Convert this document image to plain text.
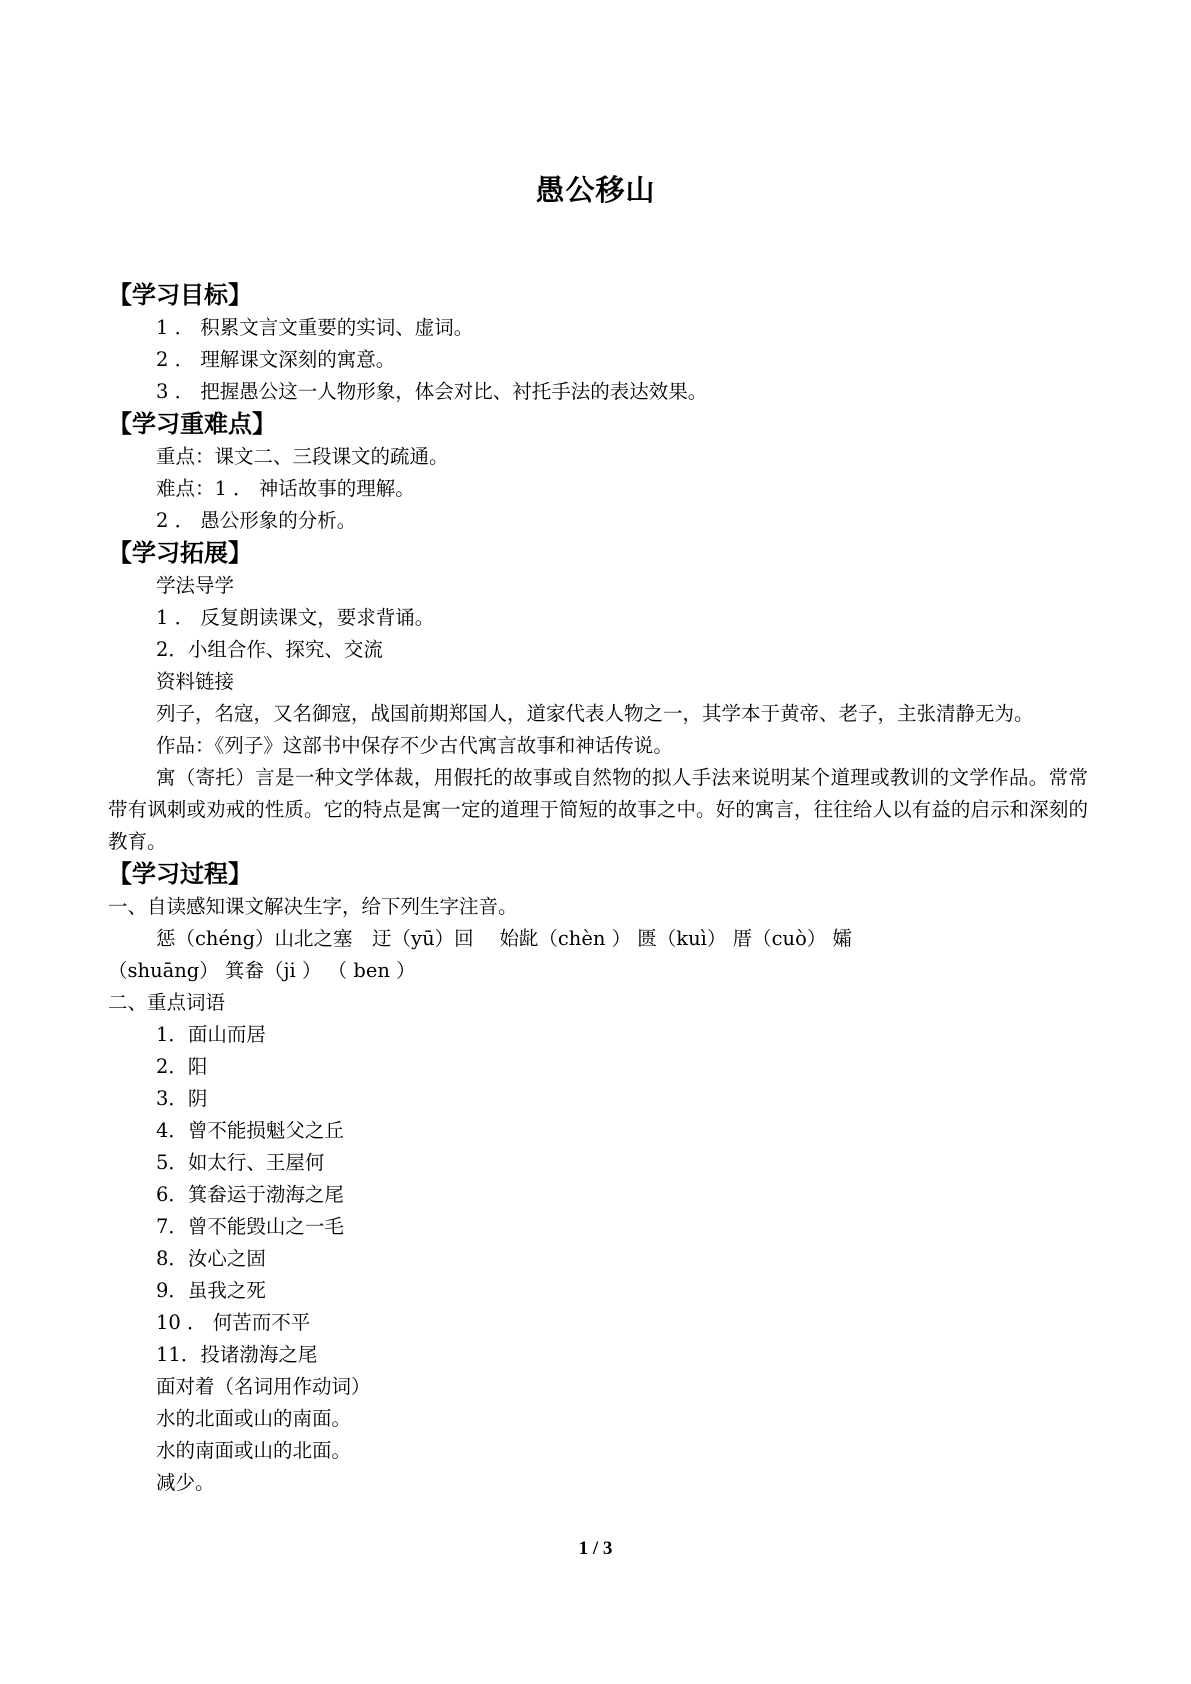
愚公移山
【学习目标】
1 ． 积累文言文重要的实词、虚词。
2 ． 理解课文深刻的寓意。
3 ． 把握愚公这一人物形象，体会对比、衬托手法的表达效果。
【学习重难点】
重点：课文二、三段课文的疏通。
难点：1 ． 神话故事的理解。
2 ． 愚公形象的分析。
【学习拓展】
学法导学
1 ． 反复朗读课文，要求背诵。
2．小组合作、探究、交流
资料链接
列子，名寇，又名御寇，战国前期郑国人，道家代表人物之一，其学本于黄帝、老子，主张清静无为。
作品：《列子》这部书中保存不少古代寓言故事和神话传说。
寓（寄托）言是一种文学体裁，用假托的故事或自然物的拟人手法来说明某个道理或教训的文学作品。常常带有讽刺或劝戒的性质。它的特点是寓一定的道理于简短的故事之中。好的寓言，往往给人以有益的启示和深刻的教育。
【学习过程】
一、自读感知课文解决生字，给下列生字注音。
惩（chéng）山北之塞　迂（yū）回　 始龀（chèn ） 匮（kuì） 厝（cuò） 孀
（shuāng） 箕畚（ji ） （ ben ）
二、重点词语
1．面山而居
2．阳
3．阴
4．曾不能损魁父之丘
5．如太行、王屋何
6．箕畚运于渤海之尾
7．曾不能毁山之一毛
8．汝心之固
9．虽我之死
10 ． 何苦而不平
11．投诸渤海之尾
面对着（名词用作动词）
水的北面或山的南面。
水的南面或山的北面。
减少。
1 / 3
